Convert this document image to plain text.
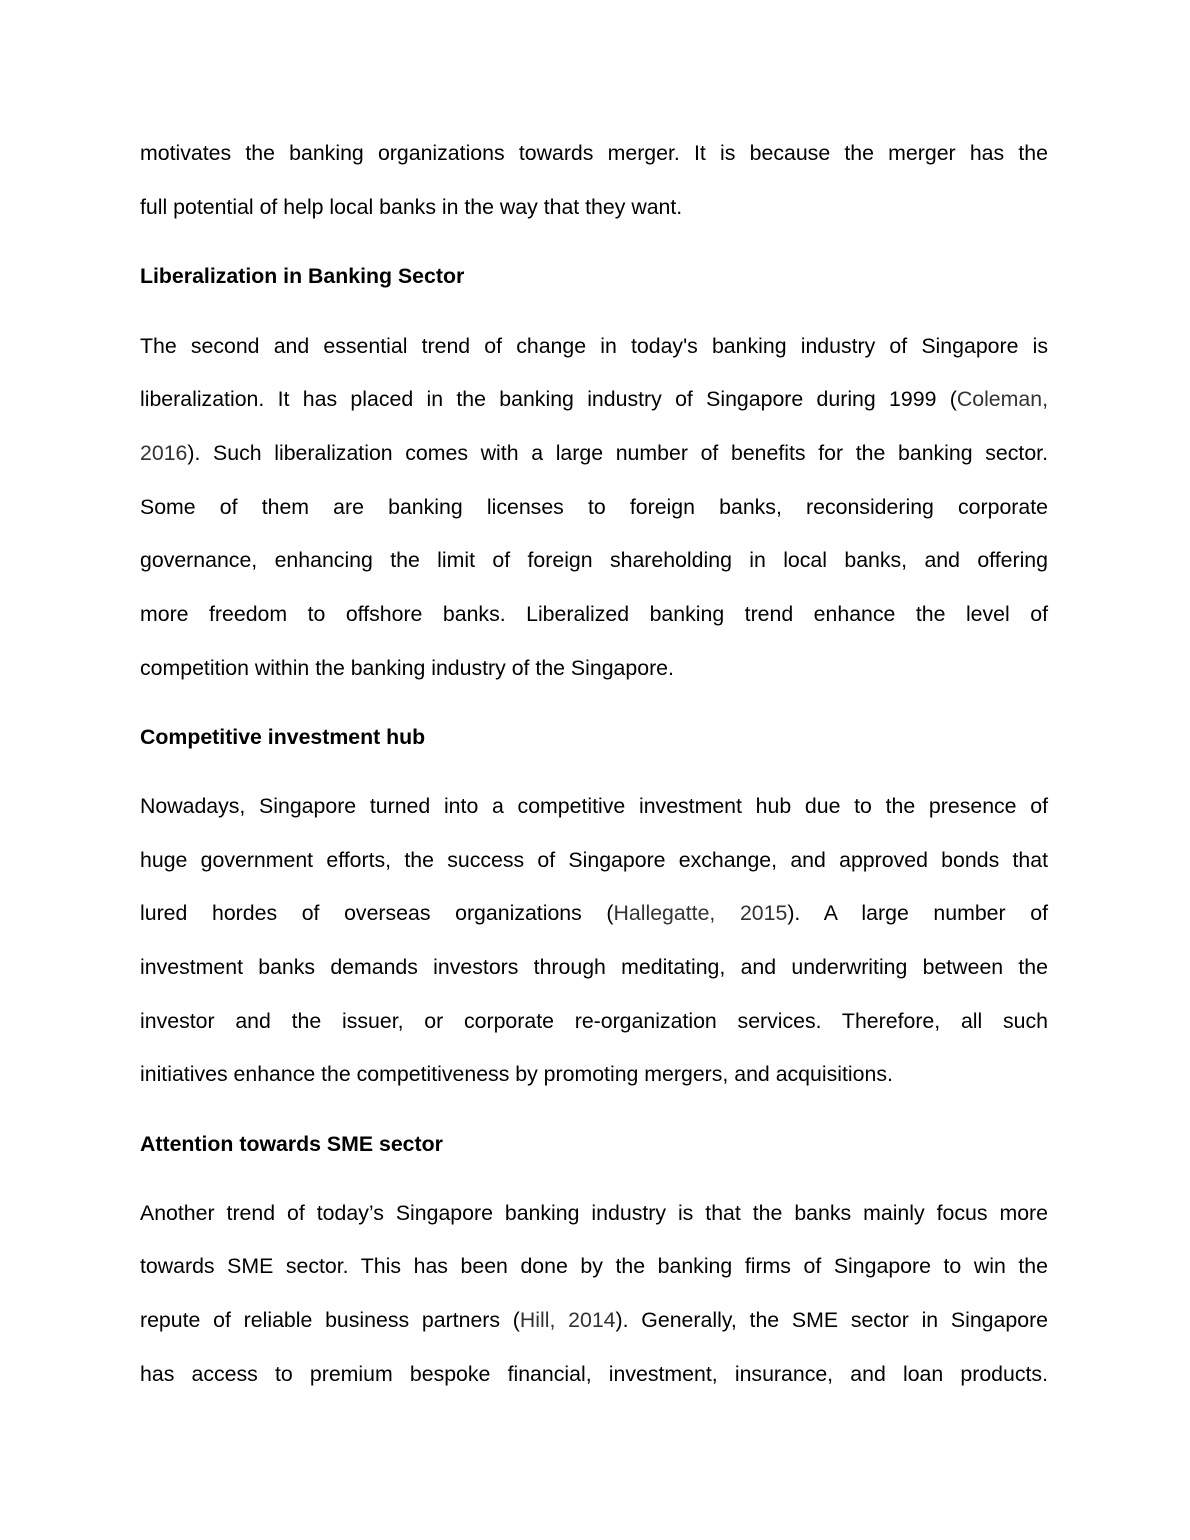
motivates the banking organizations towards merger. It is because the merger has the
full potential of help local banks in the way that they want.
Liberalization in Banking Sector
The second and essential trend of change in today's banking industry of Singapore is
liberalization. It has placed in the banking industry of Singapore during 1999 (Coleman,
2016). Such liberalization comes with a large number of benefits for the banking sector.
Some of them are banking licenses to foreign banks, reconsidering corporate
governance, enhancing the limit of foreign shareholding in local banks, and offering
more freedom to offshore banks. Liberalized banking trend enhance the level of
competition within the banking industry of the Singapore.
Competitive investment hub
Nowadays, Singapore turned into a competitive investment hub due to the presence of
huge government efforts, the success of Singapore exchange, and approved bonds that
lured hordes of overseas organizations (Hallegatte, 2015). A large number of
investment banks demands investors through meditating, and underwriting between the
investor and the issuer, or corporate re-organization services. Therefore, all such
initiatives enhance the competitiveness by promoting mergers, and acquisitions.
Attention towards SME sector
Another trend of today’s Singapore banking industry is that the banks mainly focus more
towards SME sector. This has been done by the banking firms of Singapore to win the
repute of reliable business partners (Hill, 2014). Generally, the SME sector in Singapore
has access to premium bespoke financial, investment, insurance, and loan products.
